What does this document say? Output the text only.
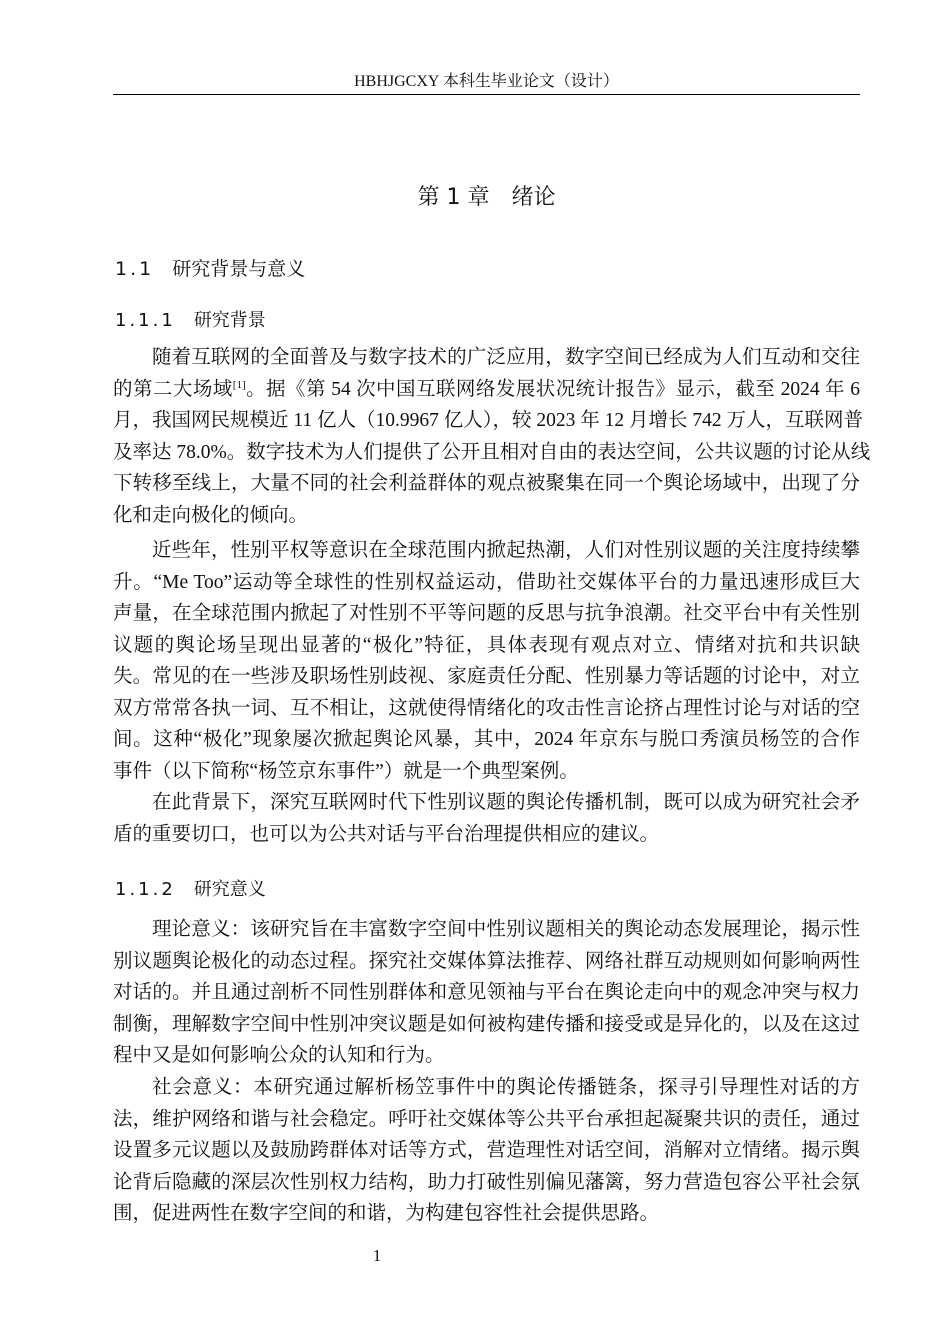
HBHJGCXY 本科生毕业论文（设计）
第 1 章　绪论
1.1 研究背景与意义
1.1.1 研究背景
随着互联网的全面普及与数字技术的广泛应用，数字空间已经成为人们互动和交往
的第二大场域[1]。据《第 54 次中国互联网络发展状况统计报告》显示，截至 2024 年 6
月，我国网民规模近 11 亿人（10.9967 亿人），较 2023 年 12 月增长 742 万人，互联网普
及率达 78.0%。数字技术为人们提供了公开且相对自由的表达空间，公共议题的讨论从线
下转移至线上，大量不同的社会利益群体的观点被聚集在同一个舆论场域中，出现了分
化和走向极化的倾向。
近些年，性别平权等意识在全球范围内掀起热潮，人们对性别议题的关注度持续攀
升。“Me Too”运动等全球性的性别权益运动，借助社交媒体平台的力量迅速形成巨大
声量，在全球范围内掀起了对性别不平等问题的反思与抗争浪潮。社交平台中有关性别
议题的舆论场呈现出显著的“极化”特征，具体表现有观点对立、情绪对抗和共识缺
失。常见的在一些涉及职场性别歧视、家庭责任分配、性别暴力等话题的讨论中，对立
双方常常各执一词、互不相让，这就使得情绪化的攻击性言论挤占理性讨论与对话的空
间。这种“极化”现象屡次掀起舆论风暴，其中，2024 年京东与脱口秀演员杨笠的合作
事件（以下简称“杨笠京东事件”）就是一个典型案例。
在此背景下，深究互联网时代下性别议题的舆论传播机制，既可以成为研究社会矛
盾的重要切口，也可以为公共对话与平台治理提供相应的建议。
1.1.2 研究意义
理论意义：该研究旨在丰富数字空间中性别议题相关的舆论动态发展理论，揭示性
别议题舆论极化的动态过程。探究社交媒体算法推荐、网络社群互动规则如何影响两性
对话的。并且通过剖析不同性别群体和意见领袖与平台在舆论走向中的观念冲突与权力
制衡，理解数字空间中性别冲突议题是如何被构建传播和接受或是异化的，以及在这过
程中又是如何影响公众的认知和行为。
社会意义：本研究通过解析杨笠事件中的舆论传播链条，探寻引导理性对话的方
法，维护网络和谐与社会稳定。呼吁社交媒体等公共平台承担起凝聚共识的责任，通过
设置多元议题以及鼓励跨群体对话等方式，营造理性对话空间，消解对立情绪。揭示舆
论背后隐藏的深层次性别权力结构，助力打破性别偏见藩篱，努力营造包容公平社会氛
围，促进两性在数字空间的和谐，为构建包容性社会提供思路。
1
